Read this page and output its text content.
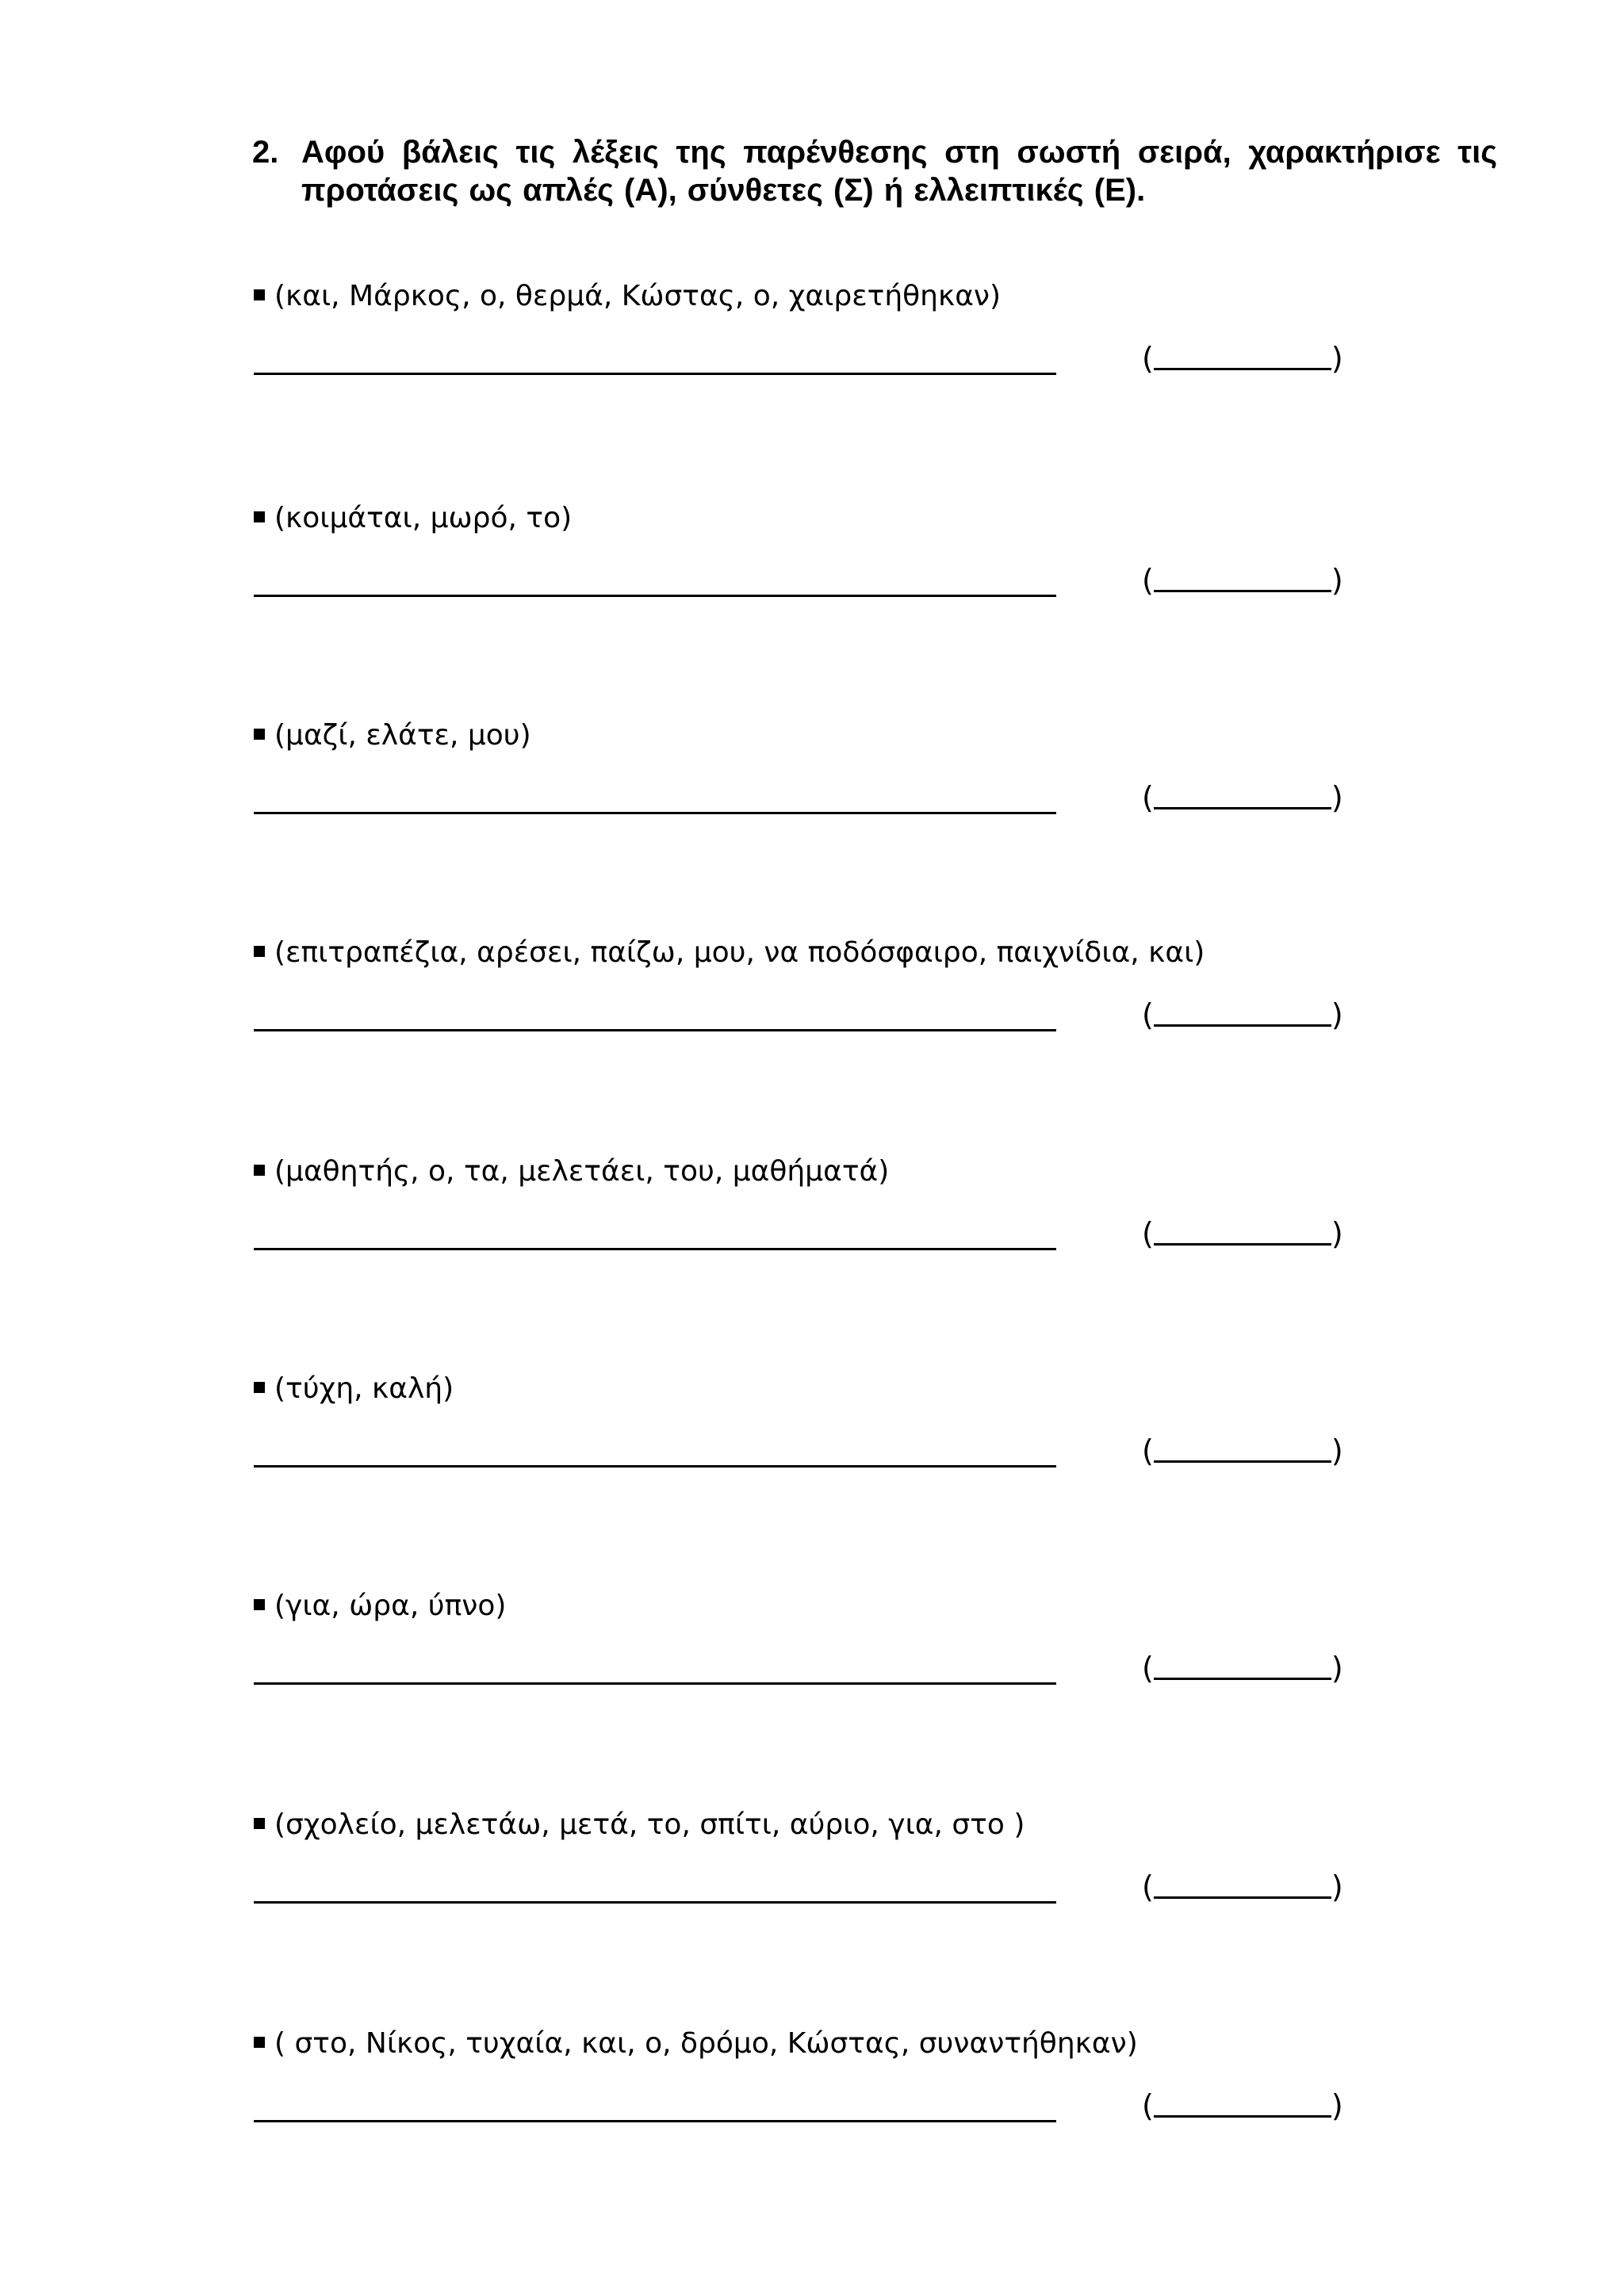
2. Αφού βάλεις τις λέξεις της παρένθεσης στη σωστή σειρά, χαρακτήρισε τις προτάσεις ως απλές (Α), σύνθετες (Σ) ή ελλειπτικές (Ε).
(και, Μάρκος, ο, θερμά, Κώστας, ο, χαιρετήθηκαν)
(	)
(κοιμάται, μωρό, το)
(	)
(μαζί, ελάτε, μου)
(	)
(επιτραπέζια, αρέσει, παίζω, μου, να ποδόσφαιρο, παιχνίδια, και)
(	)
(μαθητής, ο, τα, μελετάει, του, μαθήματά)
(	)
(τύχη, καλή)
(	)
(για, ώρα, ύπνο)
(	)
(σχολείο, μελετάω, μετά, το, σπίτι, αύριο, για, στο )
(	)
( στο, Νίκος, τυχαία, και, ο, δρόμο, Κώστας, συναντήθηκαν)
(	)
